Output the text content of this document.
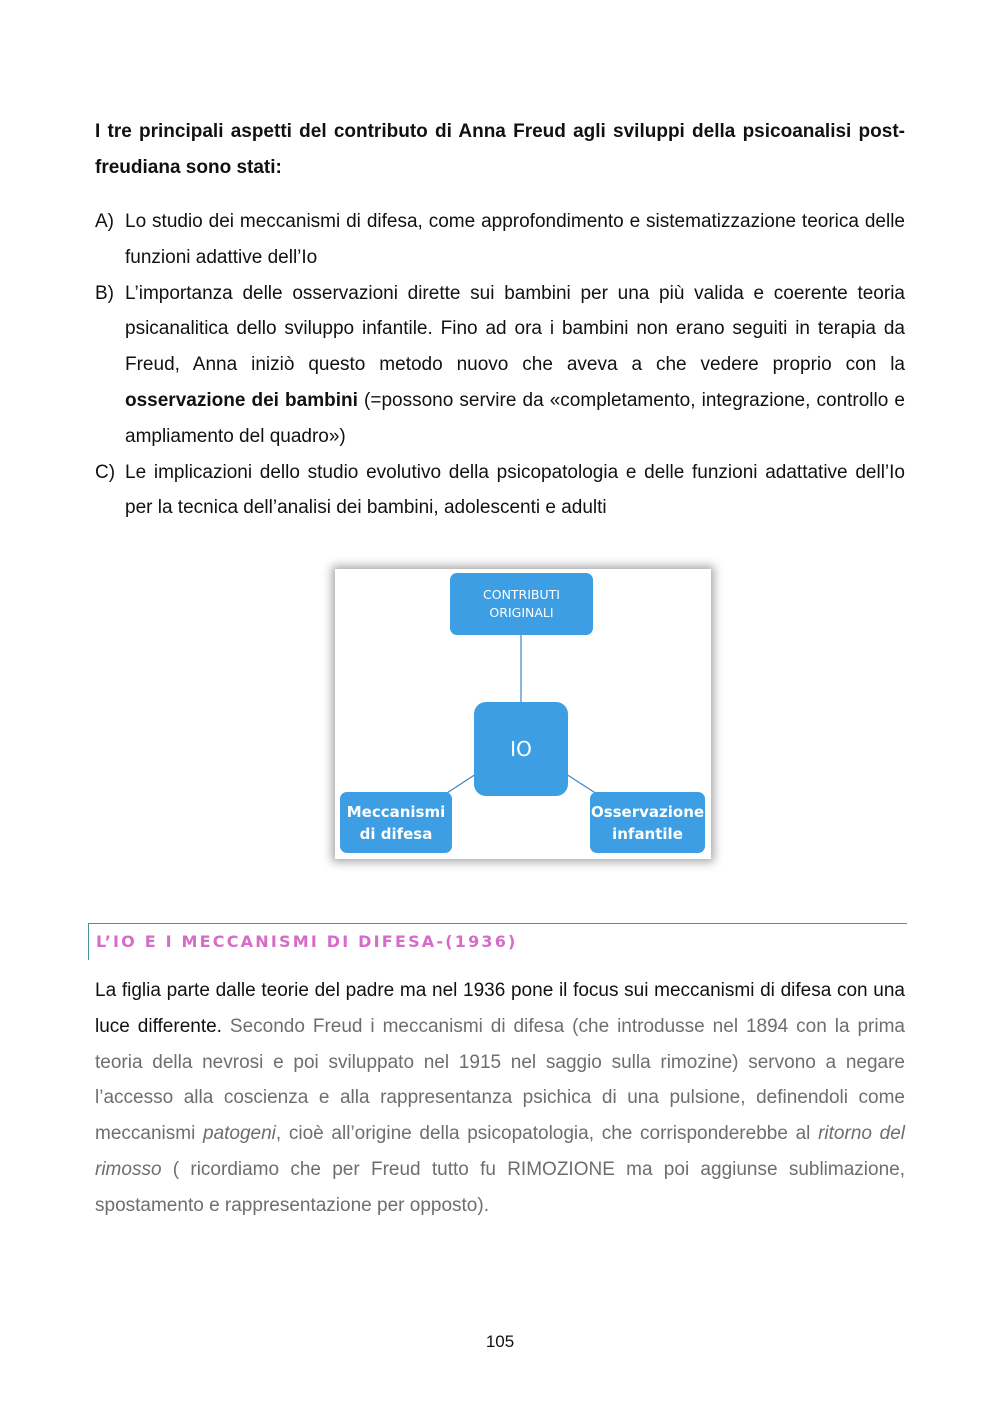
I tre principali aspetti del contributo di Anna Freud agli sviluppi della psicoanalisi post-freudiana sono stati:

A) Lo studio dei meccanismi di difesa, come approfondimento e sistematizzazione teorica delle funzioni adattive dell’Io
B) L’importanza delle osservazioni dirette sui bambini per una più valida e coerente teoria psicanalitica dello sviluppo infantile. Fino ad ora i bambini non erano seguiti in terapia da Freud, Anna iniziò questo metodo nuovo che aveva a che vedere proprio con la osservazione dei bambini (=possono servire da «completamento, integrazione, controllo e ampliamento del quadro»)
C) Le implicazioni dello studio evolutivo della psicopatologia e delle funzioni adattative dell’Io per la tecnica dell’analisi dei bambini, adolescenti e adulti
CONTRIBUTI
ORIGINALI
IO
Meccanismi
di difesa
Osservazione
infantile
L’IO E I MECCANISMI DI DIFESA-(1936)

La figlia parte dalle teorie del padre ma nel 1936 pone il focus sui meccanismi di difesa con una luce differente. Secondo Freud i meccanismi di difesa (che introdusse nel 1894 con la prima teoria della nevrosi e poi sviluppato nel 1915 nel saggio sulla rimozine) servono a negare l’accesso alla coscienza e alla rappresentanza psichica di una pulsione, definendoli come meccanismi patogeni, cioè all’origine della psicopatologia, che corrisponderebbe al ritorno del rimosso ( ricordiamo che per Freud tutto fu RIMOZIONE ma poi aggiunse sublimazione, spostamento e rappresentazione per opposto).

105
